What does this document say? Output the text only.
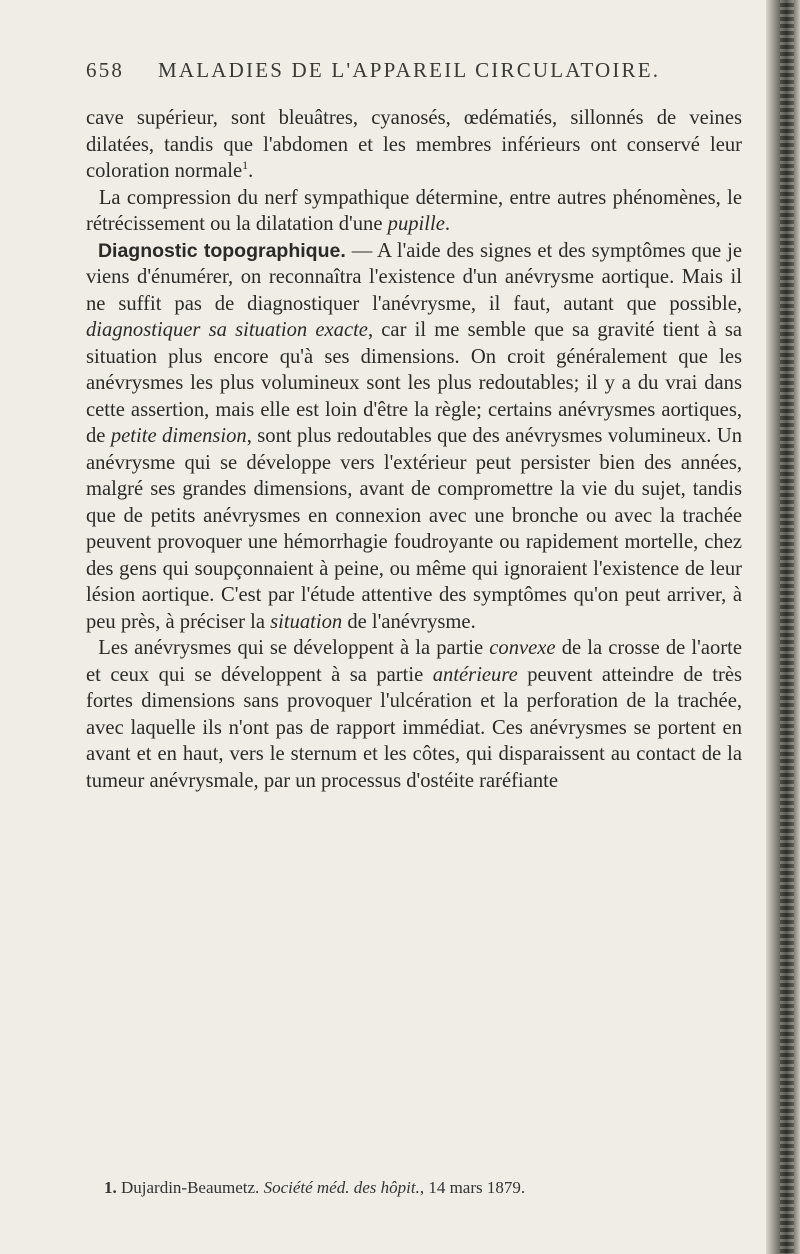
658 MALADIES DE L'APPAREIL CIRCULATOIRE.

cave supérieur, sont bleuâtres, cyanosés, œdématiés, sillonnés de veines dilatées, tandis que l'abdomen et les membres inférieurs ont conservé leur coloration normale$^1$.

La compression du nerf sympathique détermine, entre autres phénomènes, le rétrécissement ou la dilatation d'une pupille.

Diagnostic topographique. — A l'aide des signes et des symptômes que je viens d'énumérer, on reconnaîtra l'existence d'un anévrysme aortique. Mais il ne suffit pas de diagnostiquer l'anévrysme, il faut, autant que possible, diagnostiquer sa situation exacte, car il me semble que sa gravité tient à sa situation plus encore qu'à ses dimensions. On croit généralement que les anévrysmes les plus volumineux sont les plus redoutables; il y a du vrai dans cette assertion, mais elle est loin d'être la règle; certains anévrysmes aortiques, de petite dimension, sont plus redoutables que des anévrysmes volumineux. Un anévrysme qui se développe vers l'extérieur peut persister bien des années, malgré ses grandes dimensions, avant de compromettre la vie du sujet, tandis que de petits anévrysmes en connexion avec une bronche ou avec la trachée peuvent provoquer une hémorrhagie foudroyante ou rapidement mortelle, chez des gens qui soupçonnaient à peine, ou même qui ignoraient l'existence de leur lésion aortique. C'est par l'étude attentive des symptômes qu'on peut arriver, à peu près, à préciser la situation de l'anévrysme.

Les anévrysmes qui se développent à la partie convexe de la crosse de l'aorte et ceux qui se développent à sa partie antérieure peuvent atteindre de très fortes dimensions sans provoquer l'ulcération et la perforation de la trachée, avec laquelle ils n'ont pas de rapport immédiat. Ces anévrysmes se portent en avant et en haut, vers le sternum et les côtes, qui disparaissent au contact de la tumeur anévrysmale, par un processus d'ostéite raréfiante

1. Dujardin-Beaumetz. Société méd. des hôpit., 14 mars 1879.
